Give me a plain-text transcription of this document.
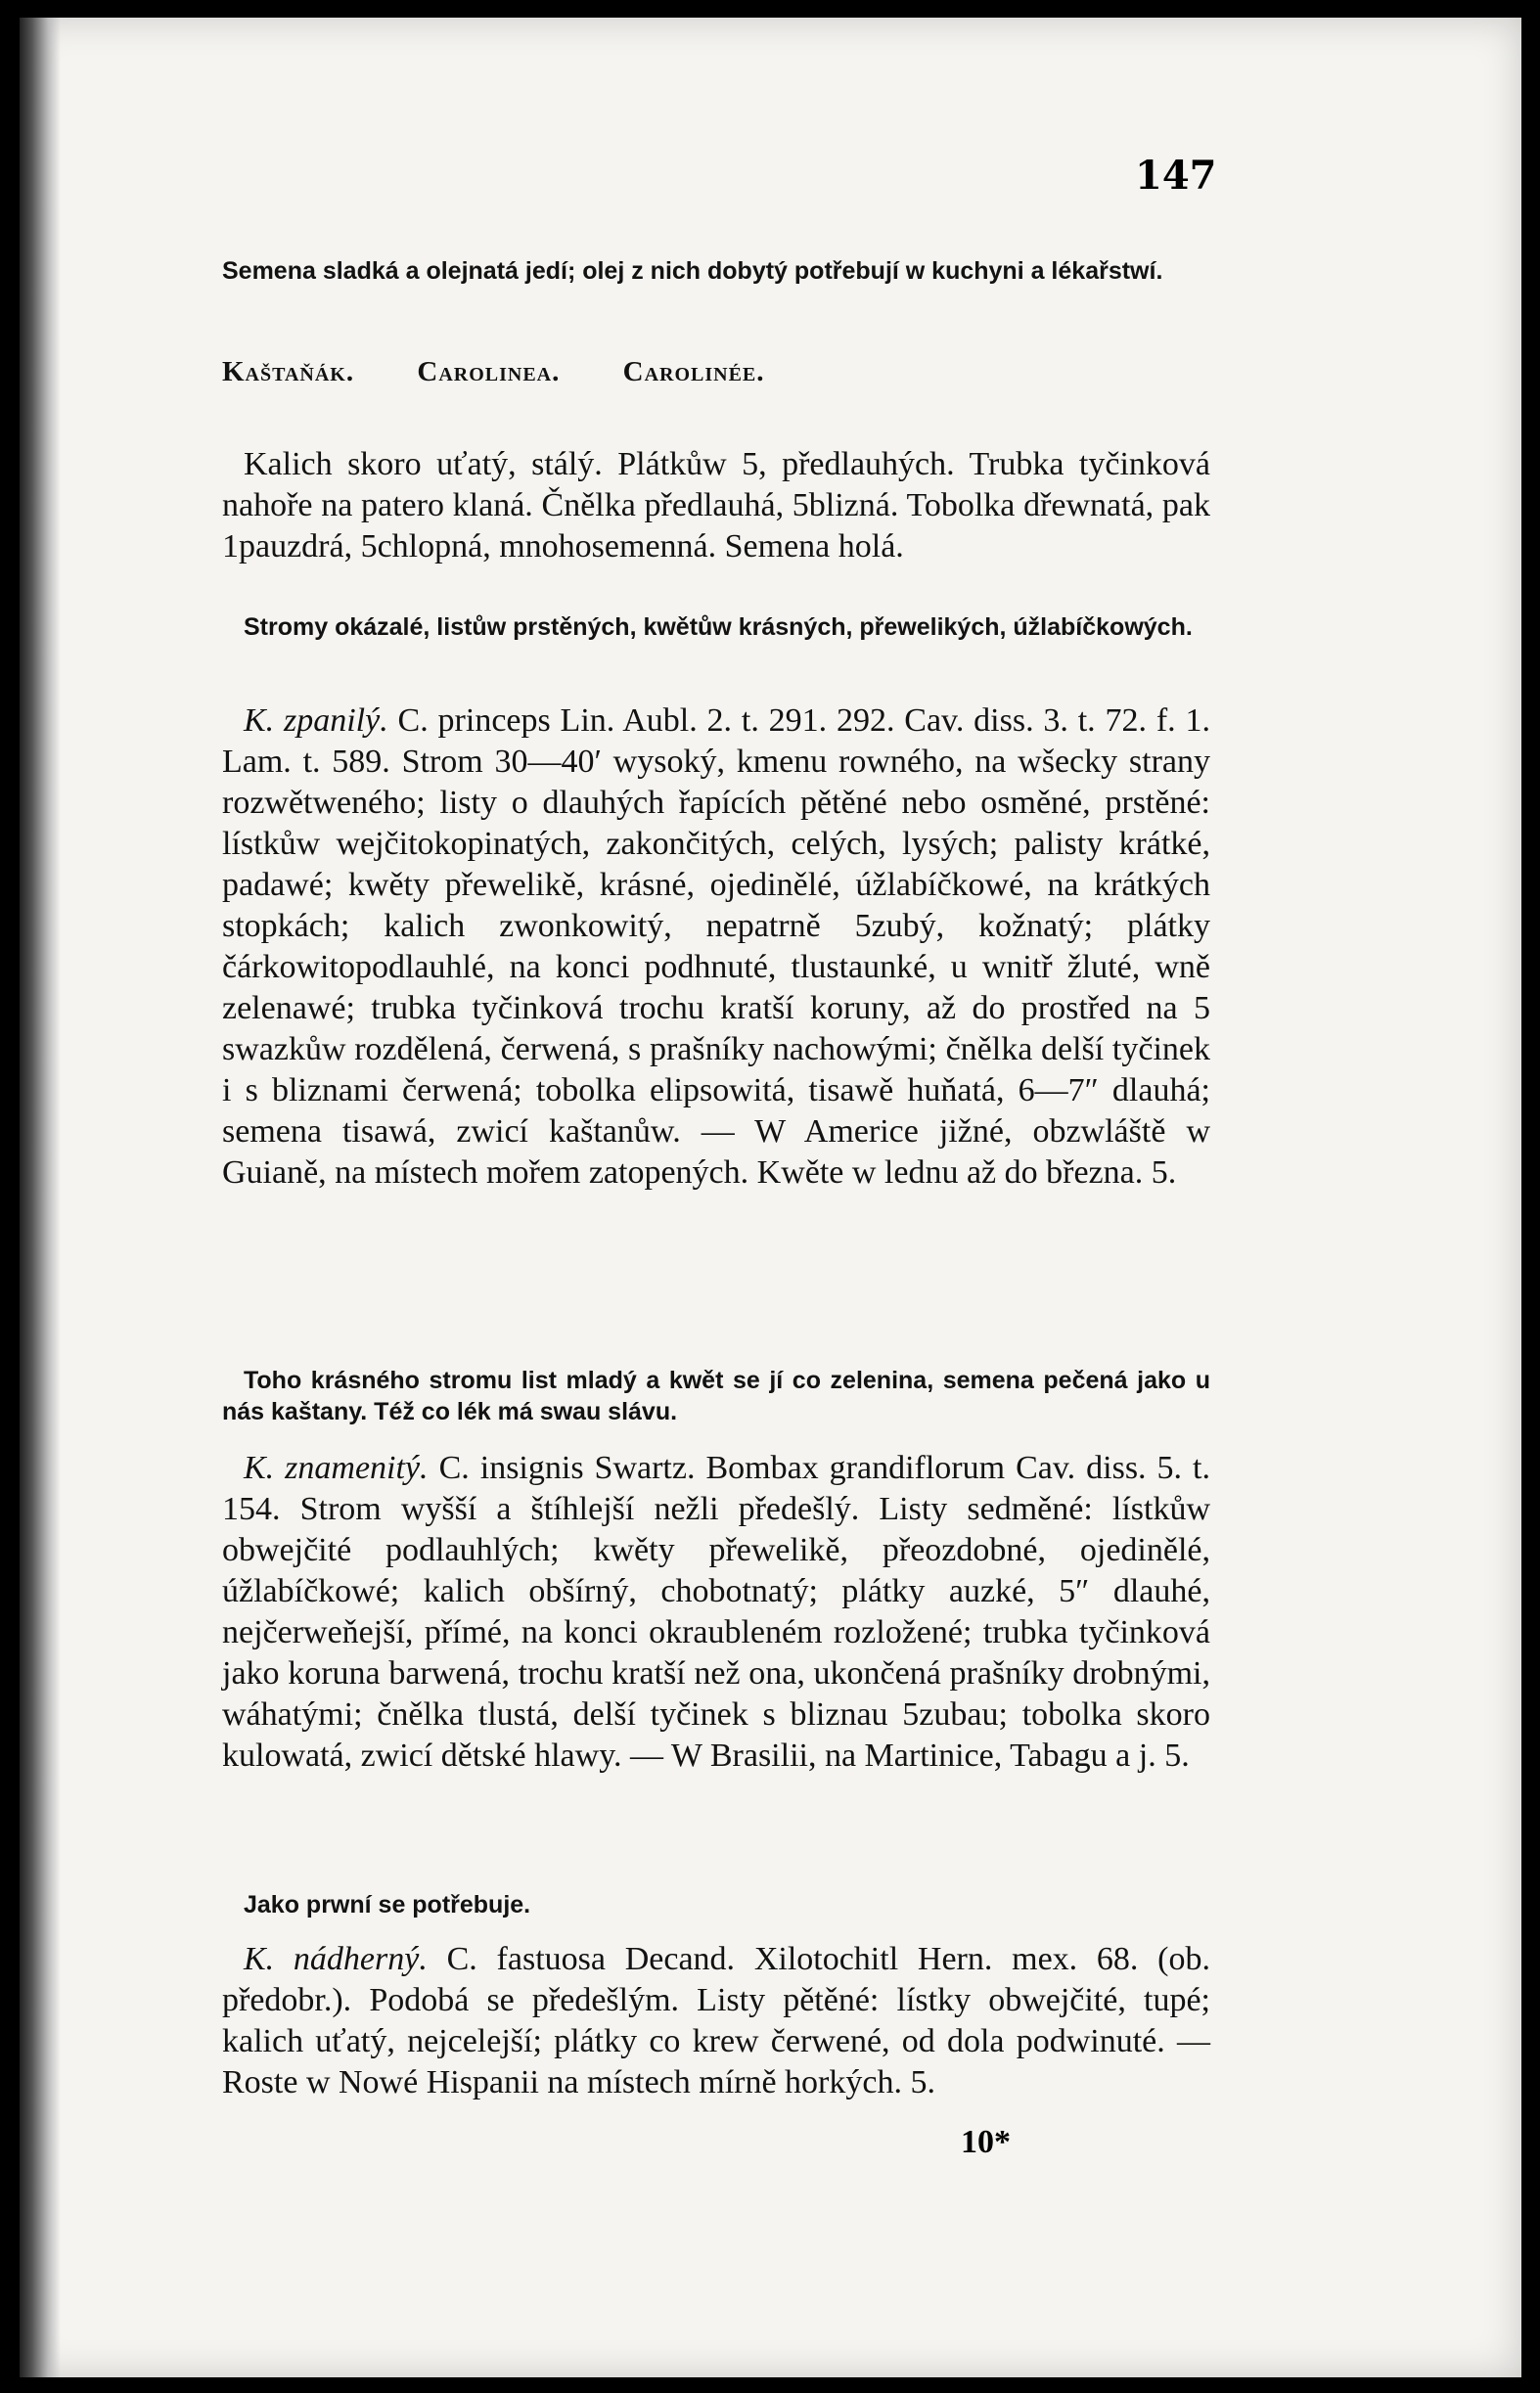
147

Semena sladká a olejnatá jedí; olej z nich dobytý potřebují w kuchyni a lékařstwí.

Kaštaňák. Carolinea. Carolinée.

Kalich skoro uťatý, stálý. Plátkůw 5, předlauhých. Trubka tyčinková nahoře na patero klaná. Čnělka předlauhá, 5blizná. Tobolka dřewnatá, pak 1pauzdrá, 5chlopná, mnohosemenná. Semena holá.

Stromy okázalé, listůw prstěných, kwětůw krásných, přewelikých, úžlabíčkowých.

K. zpanilý. C. princeps Lin. Aubl. 2. t. 291. 292. Cav. diss. 3. t. 72. f. 1. Lam. t. 589. Strom 30—40′ wysoký, kmenu rowného, na wšecky strany rozwětweného; listy o dlauhých řapících pětěné nebo osměné, prstěné: lístkůw wejčitokopinatých, zakončitých, celých, lysých; palisty krátké, padawé; kwěty přewelikě, krásné, ojedinělé, úžlabíčkowé, na krátkých stopkách; kalich zwonkowitý, nepatrně 5zubý, kožnatý; plátky čárkowitopodlauhlé, na konci podhnuté, tlustaunké, u wnitř žluté, wně zelenawé; trubka tyčinková trochu kratší koruny, až do prostřed na 5 swazkůw rozdělená, čerwená, s prašníky nachowými; čnělka delší tyčinek i s bliznami čerwená; tobolka elipsowitá, tisawě huňatá, 6—7″ dlauhá; semena tisawá, zwicí kaštanůw. — W Americe jižné, obzwláště w Guianě, na místech mořem zatopených. Kwěte w lednu až do března. 5.

Toho krásného stromu list mladý a kwět se jí co zelenina, semena pečená jako u nás kaštany. Též co lék má swau slávu.

K. znamenitý. C. insignis Swartz. Bombax grandiflorum Cav. diss. 5. t. 154. Strom wyšší a štíhlejší nežli předešlý. Listy sedměné: lístkůw obwejčité podlauhlých; kwěty přewelikě, přeozdobné, ojedinělé, úžlabíčkowé; kalich obšírný, chobotnatý; plátky auzké, 5″ dlauhé, nejčerweňejší, přímé, na konci okraubleném rozložené; trubka tyčinková jako koruna barwená, trochu kratší než ona, ukončená prašníky drobnými, wáhatými; čnělka tlustá, delší tyčinek s bliznau 5zubau; tobolka skoro kulowatá, zwicí dětské hlawy. — W Brasilii, na Martinice, Tabagu a j. 5.

Jako prwní se potřebuje.

K. nádherný. C. fastuosa Decand. Xilotochitl Hern. mex. 68. (ob. předobr.). Podobá se předešlým. Listy pětěné: lístky obwejčité, tupé; kalich uťatý, nejcelejší; plátky co krew čerwené, od dola podwinuté. — Roste w Nowé Hispanii na místech mírně horkých. 5.

10*
